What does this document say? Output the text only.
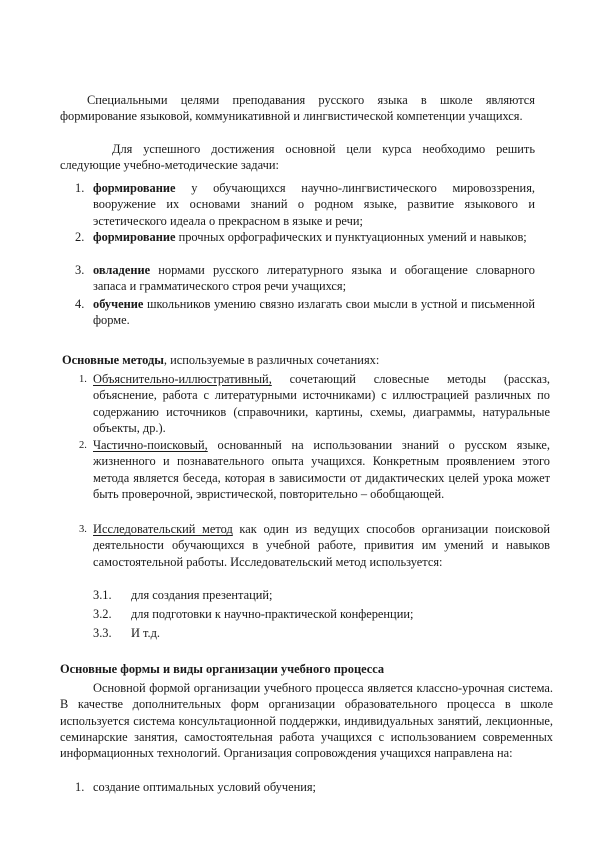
Специальными целями преподавания русского языка в школе являются формирование языковой, коммуникативной и лингвистической компетенции учащихся.

Для успешного достижения основной цели курса необходимо решить следующие учебно-методические задачи:

1. формирование у обучающихся научно-лингвистического мировоззрения, вооружение их основами знаний о родном языке, развитие языкового и эстетического идеала о прекрасном в языке и речи;

2. формирование прочных орфографических и пунктуационных умений и навыков;

3. овладение нормами русского литературного языка и обогащение словарного запаса и грамматического строя речи учащихся;

4. обучение школьников умению связно излагать свои мысли в устной и письменной форме.

Основные методы, используемые в различных сочетаниях:

1. Объяснительно-иллюстративный, сочетающий словесные методы (рассказ, объяснение, работа с литературными источниками) с иллюстрацией различных по содержанию источников (справочники, картины, схемы, диаграммы, натуральные объекты, др.).

2. Частично-поисковый, основанный на использовании знаний о русском языке, жизненного и познавательного опыта учащихся. Конкретным проявлением этого метода является беседа, которая в зависимости от дидактических целей урока может быть проверочной, эвристической, повторительно – обобщающей.

3. Исследовательский метод как один из ведущих способов организации поисковой деятельности обучающихся в учебной работе, привития им умений и навыков самостоятельной работы. Исследовательский метод используется:

3.1. для создания презентаций;
3.2. для подготовки к научно-практической конференции;
3.3. И т.д.

Основные формы и виды организации учебного процесса

Основной формой организации учебного процесса является классно-урочная система. В качестве дополнительных форм организации образовательного процесса в школе используется система консультационной поддержки, индивидуальных занятий, лекционные, семинарские занятия, самостоятельная работа учащихся с использованием современных информационных технологий. Организация сопровождения учащихся направлена на:

1. создание оптимальных условий обучения;
